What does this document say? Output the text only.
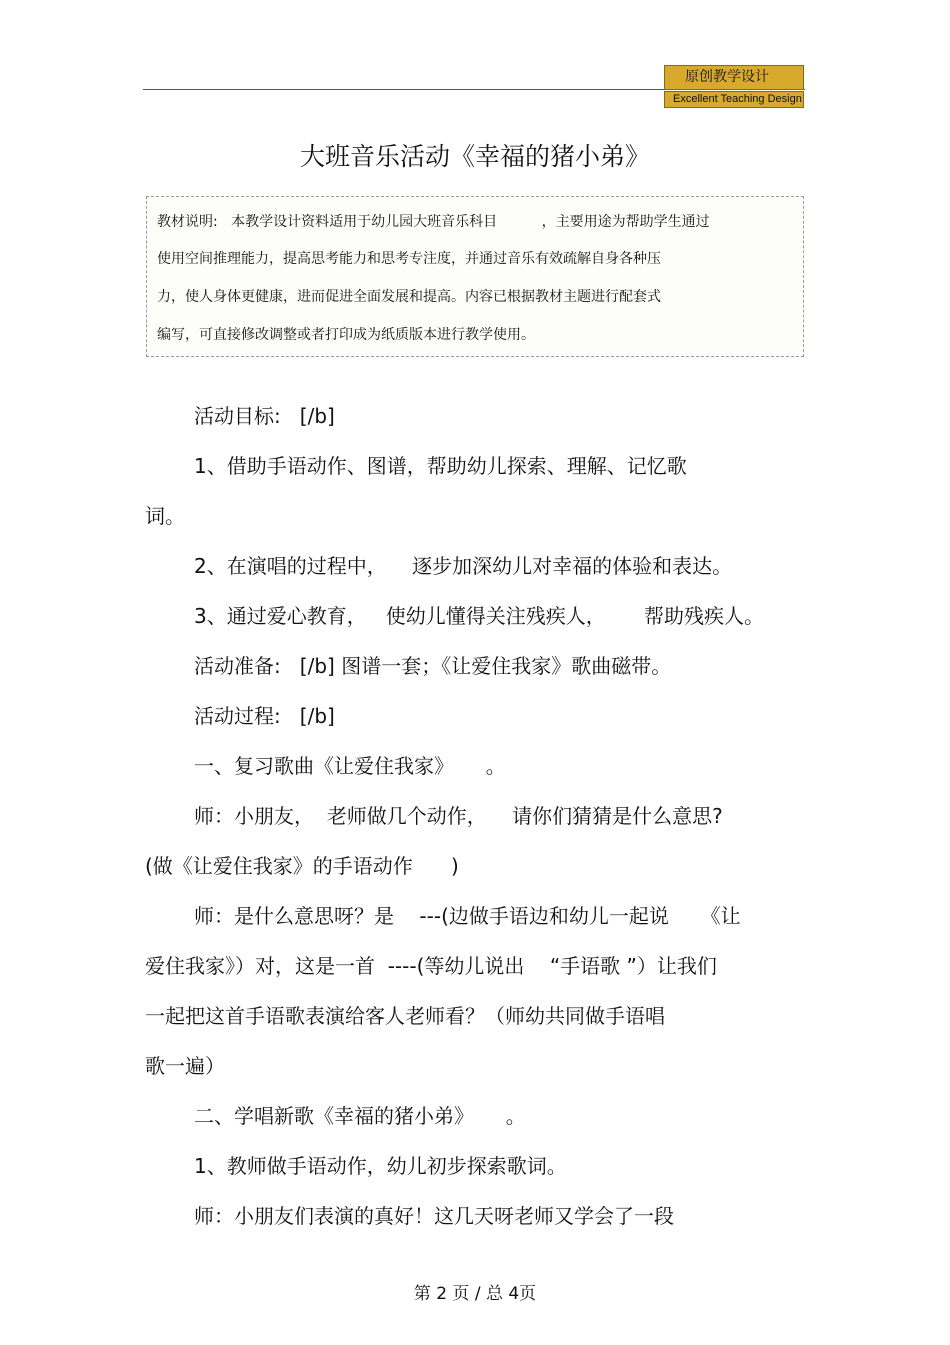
原创教学设计
Excellent Teaching Design
大班音乐活动《幸福的猪小弟》
教材说明:   本教学设计资料适用于幼儿园大班音乐科目          ，主要用途为帮助学生通过
使用空间推理能力，提高思考能力和思考专注度，并通过音乐有效疏解自身各种压
力，使人身体更健康，进而促进全面发展和提高。内容已根据教材主题进行配套式
编写，可直接修改调整或者打印成为纸质版本进行教学使用。
活动目标:   [/b]
1、借助手语动作、图谱，帮助幼儿探索、理解、记忆歌
词。
2、在演唱的过程中，    逐步加深幼儿对幸福的体验和表达。
3、通过爱心教育，   使幼儿懂得关注残疾人，      帮助残疾人。
活动准备:   [/b] 图谱一套；《让爱住我家》歌曲磁带。
活动过程:   [/b]
一、复习歌曲《让爱住我家》     。
师：小朋友，  老师做几个动作，    请你们猜猜是什么意思?
(做《让爱住我家》的手语动作      )
师：是什么意思呀？是    ---(边做手语边和幼儿一起说     《让
爱住我家》）对，这是一首  ----(等幼儿说出    “手语歌 ”）让我们
一起把这首手语歌表演给客人老师看？（师幼共同做手语唱
歌一遍）
二、学唱新歌《幸福的猪小弟》     。
1、教师做手语动作，幼儿初步探索歌词。
师：小朋友们表演的真好！这几天呀老师又学会了一段
第 2 页 / 总 4页
